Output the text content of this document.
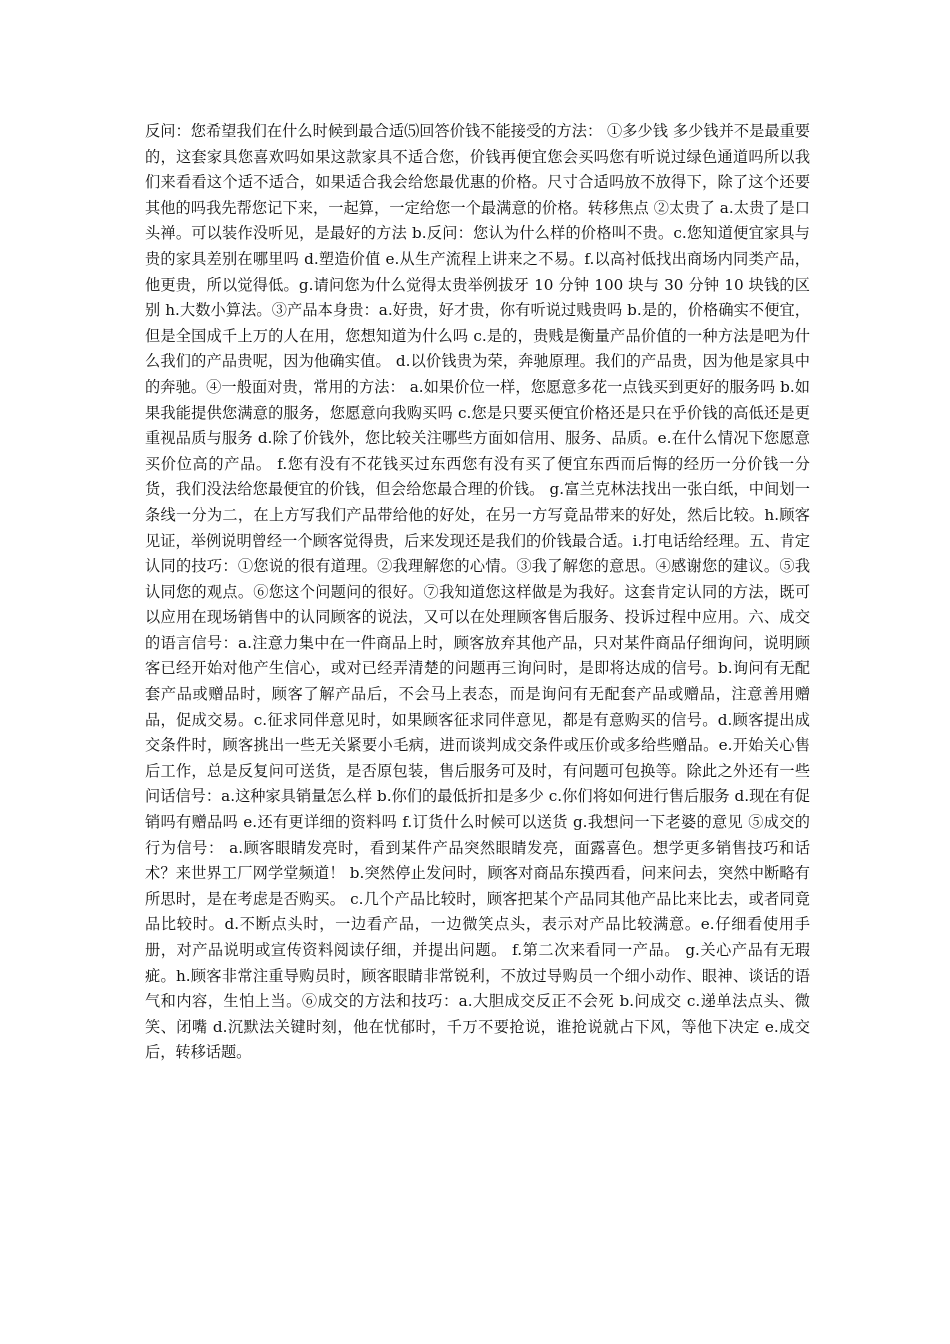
反问：您希望我们在什么时候到最合适⑸回答价钱不能接受的方法： ①多少钱 多少钱并不是最重要的，这套家具您喜欢吗如果这款家具不适合您，价钱再便宜您会买吗您有听说过绿色通道吗所以我们来看看这个适不适合，如果适合我会给您最优惠的价格。尺寸合适吗放不放得下，除了这个还要其他的吗我先帮您记下来，一起算，一定给您一个最满意的价格。转移焦点 ②太贵了 a.太贵了是口头禅。可以装作没听见，是最好的方法 b.反问：您认为什么样的价格叫不贵。c.您知道便宜家具与贵的家具差别在哪里吗 d.塑造价值 e.从生产流程上讲来之不易。f.以高衬低找出商场内同类产品，他更贵，所以觉得低。g.请问您为什么觉得太贵举例拔牙 10 分钟 100 块与 30 分钟 10 块钱的区别 h.大数小算法。③产品本身贵：a.好贵，好才贵，你有听说过贱贵吗 b.是的，价格确实不便宜，但是全国成千上万的人在用，您想知道为什么吗 c.是的，贵贱是衡量产品价值的一种方法是吧为什么我们的产品贵呢，因为他确实值。 d.以价钱贵为荣，奔驰原理。我们的产品贵，因为他是家具中的奔驰。④一般面对贵，常用的方法： a.如果价位一样，您愿意多花一点钱买到更好的服务吗 b.如果我能提供您满意的服务，您愿意向我购买吗 c.您是只要买便宜价格还是只在乎价钱的高低还是更重视品质与服务 d.除了价钱外，您比较关注哪些方面如信用、服务、品质。e.在什么情况下您愿意买价位高的产品。 f.您有没有不花钱买过东西您有没有买了便宜东西而后悔的经历一分价钱一分货，我们没法给您最便宜的价钱，但会给您最合理的价钱。 g.富兰克林法找出一张白纸，中间划一条线一分为二，在上方写我们产品带给他的好处，在另一方写竟品带来的好处，然后比较。h.顾客见证，举例说明曾经一个顾客觉得贵，后来发现还是我们的价钱最合适。i.打电话给经理。五、肯定认同的技巧：①您说的很有道理。②我理解您的心情。③我了解您的意思。④感谢您的建议。⑤我认同您的观点。⑥您这个问题问的很好。⑦我知道您这样做是为我好。这套肯定认同的方法，既可以应用在现场销售中的认同顾客的说法，又可以在处理顾客售后服务、投诉过程中应用。六、成交的语言信号：a.注意力集中在一件商品上时，顾客放弃其他产品，只对某件商品仔细询问，说明顾客已经开始对他产生信心，或对已经弄清楚的问题再三询问时，是即将达成的信号。b.询问有无配套产品或赠品时，顾客了解产品后，不会马上表态，而是询问有无配套产品或赠品，注意善用赠品，促成交易。c.征求同伴意见时，如果顾客征求同伴意见，都是有意购买的信号。d.顾客提出成交条件时，顾客挑出一些无关紧要小毛病，进而谈判成交条件或压价或多给些赠品。e.开始关心售后工作，总是反复问可送货，是否原包装，售后服务可及时，有问题可包换等。除此之外还有一些问话信号：a.这种家具销量怎么样 b.你们的最低折扣是多少 c.你们将如何进行售后服务 d.现在有促销吗有赠品吗 e.还有更详细的资料吗 f.订货什么时候可以送货 g.我想问一下老婆的意见 ⑤成交的行为信号： a.顾客眼睛发亮时，看到某件产品突然眼睛发亮，面露喜色。想学更多销售技巧和话术？来世界工厂网学堂频道！ b.突然停止发问时，顾客对商品东摸西看，问来问去，突然中断略有所思时，是在考虑是否购买。 c.几个产品比较时，顾客把某个产品同其他产品比来比去，或者同竟品比较时。d.不断点头时，一边看产品，一边微笑点头，表示对产品比较满意。e.仔细看使用手册，对产品说明或宣传资料阅读仔细，并提出问题。 f.第二次来看同一产品。 g.关心产品有无瑕疵。h.顾客非常注重导购员时，顾客眼睛非常锐利，不放过导购员一个细小动作、眼神、谈话的语气和内容，生怕上当。⑥成交的方法和技巧：a.大胆成交反正不会死 b.问成交 c.递单法点头、微笑、闭嘴 d.沉默法关键时刻，他在忧郁时，千万不要抢说，谁抢说就占下风，等他下决定 e.成交后，转移话题。
